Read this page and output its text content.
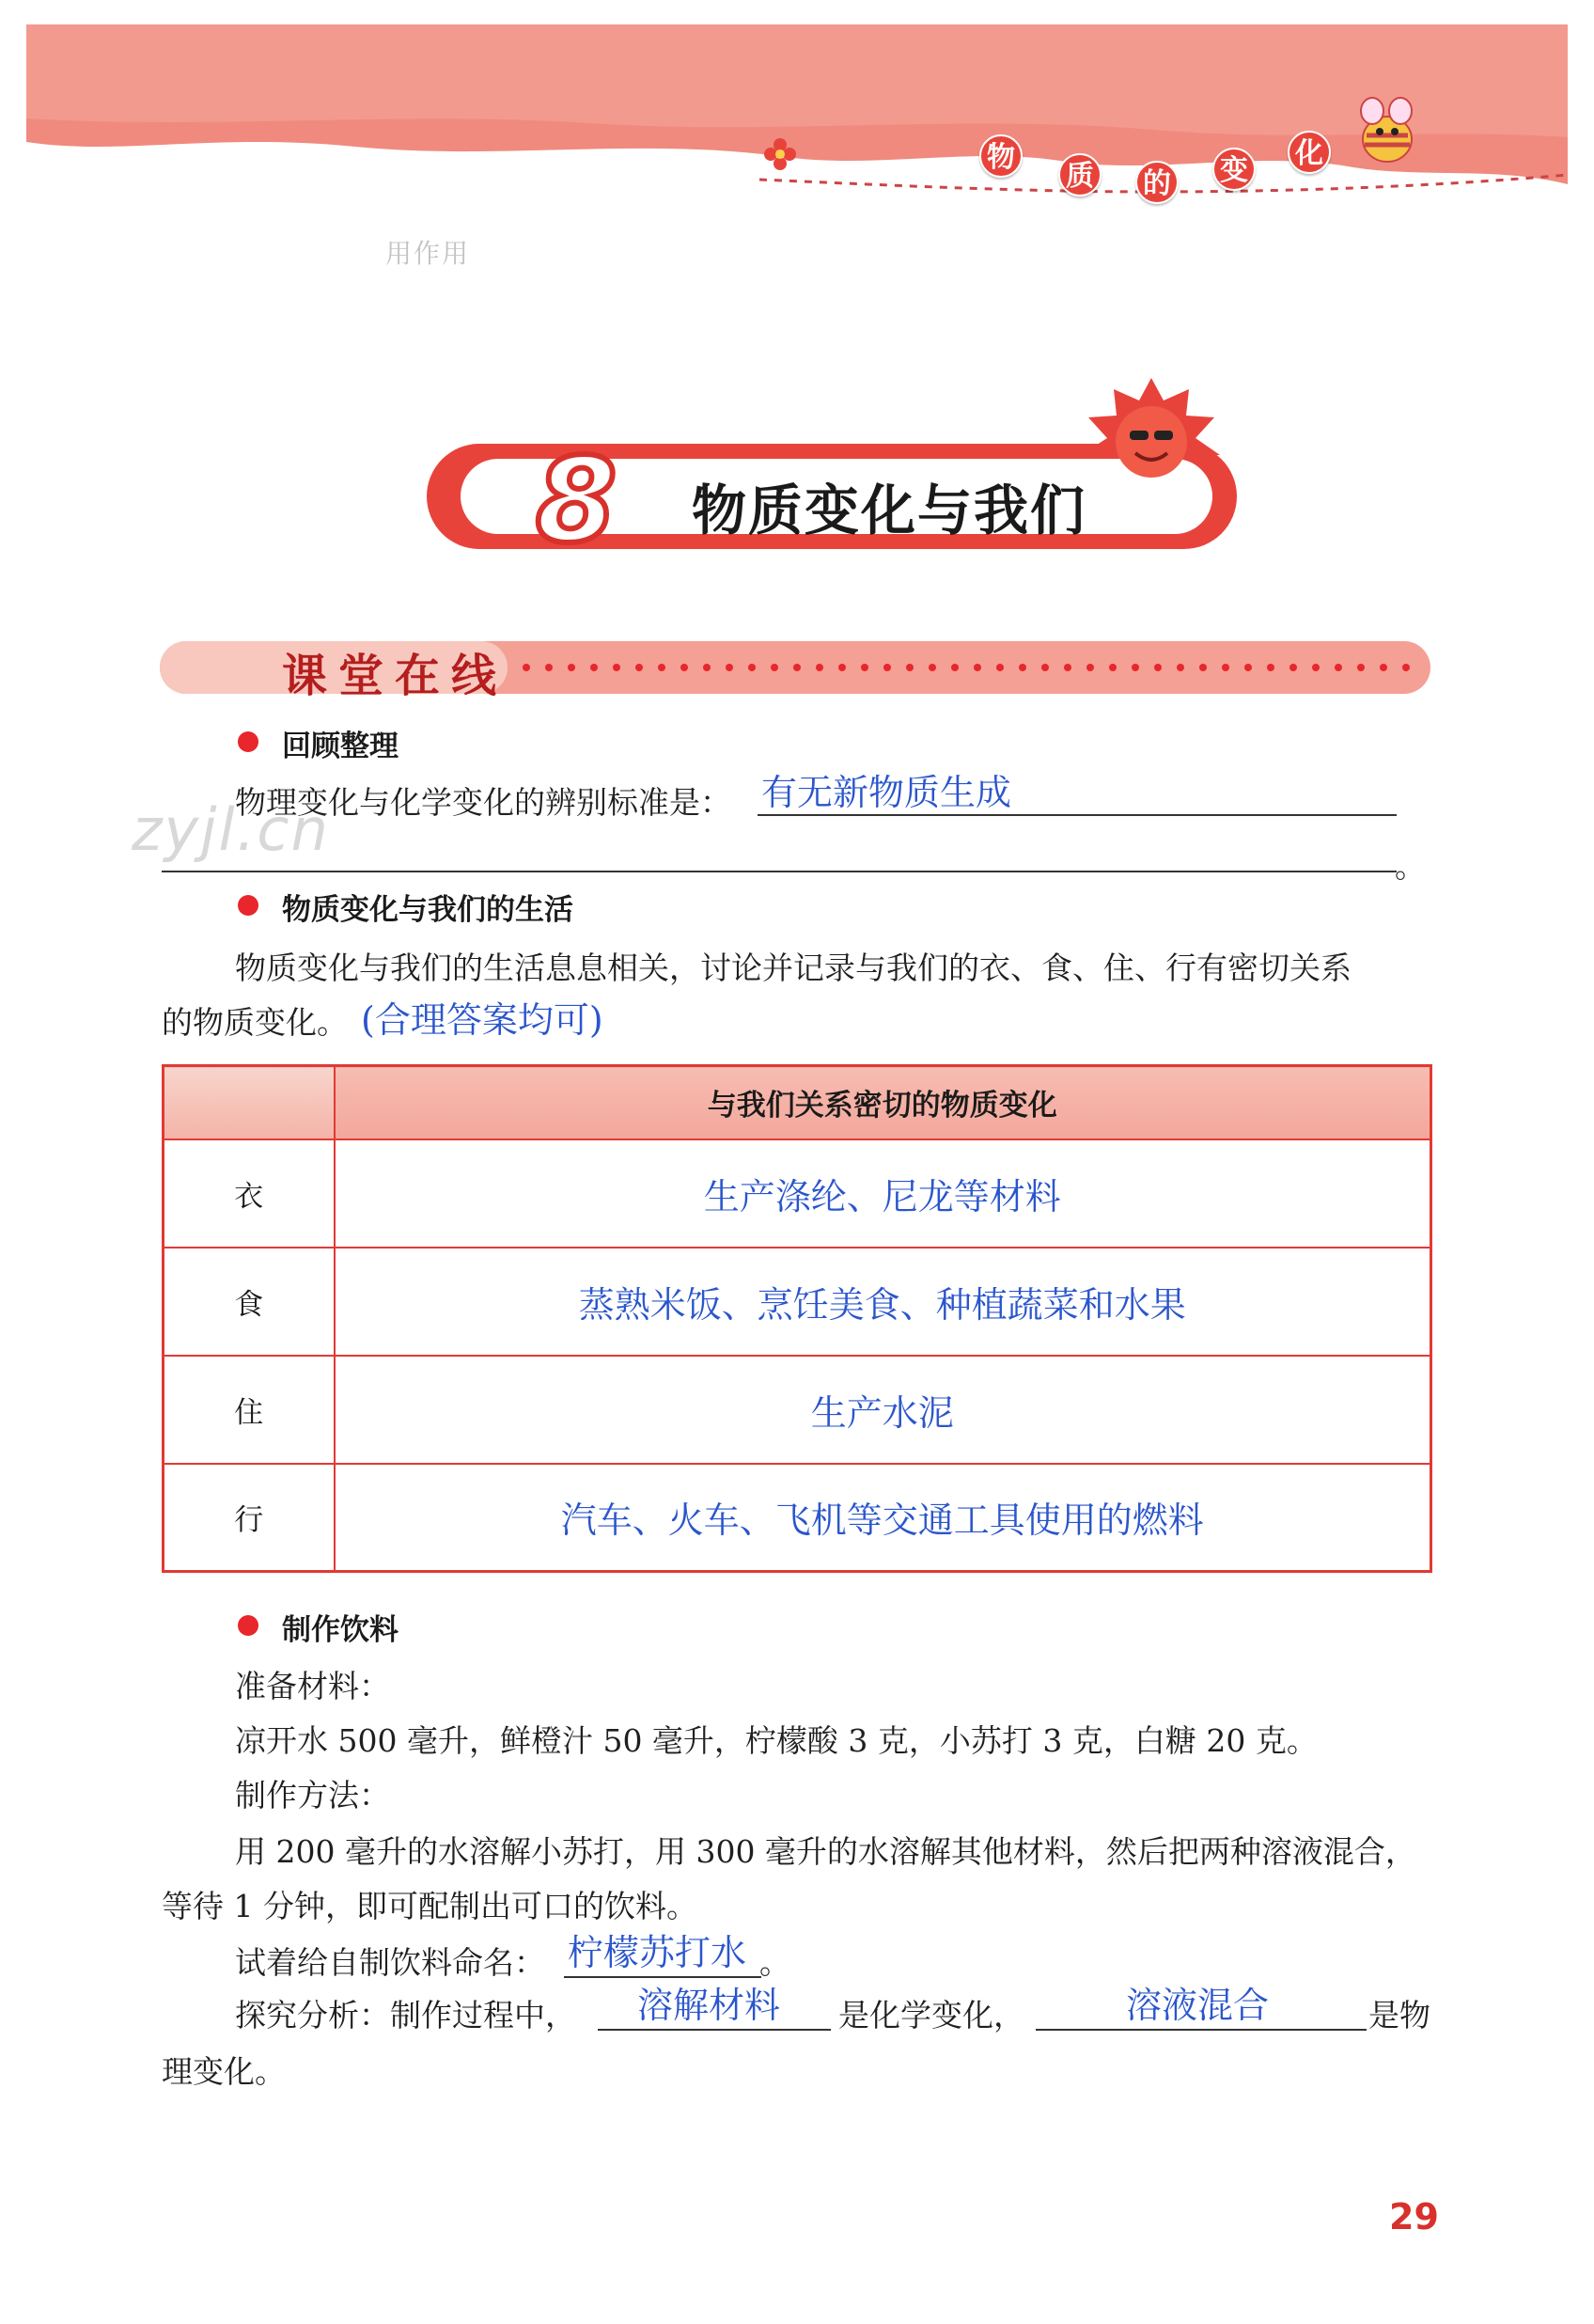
物
质 的 变
化
用作用
8 物质变化与我们
课堂在线
回顾整理
物理变化与化学变化的辨别标准是： 有无新物质生成
。
zyjl.cn
物质变化与我们的生活
物质变化与我们的生活息息相关，讨论并记录与我们的衣、食、住、行有密切关系
的物质变化。 (合理答案均可)
	与我们关系密切的物质变化
衣	生产涤纶、尼龙等材料
食	蒸熟米饭、烹饪美食、种植蔬菜和水果
住	生产水泥
行	汽车、火车、飞机等交通工具使用的燃料
制作饮料
准备材料：
凉开水 500 毫升，鲜橙汁 50 毫升，柠檬酸 3 克，小苏打 3 克，白糖 20 克。
制作方法：
用 200 毫升的水溶解小苏打，用 300 毫升的水溶解其他材料，然后把两种溶液混合，
等待 1 分钟，即可配制出可口的饮料。
试着给自制饮料命名： 柠檬苏打水 。
探究分析：制作过程中， 溶解材料 是化学变化，	溶液混合	是物
理变化。
29
